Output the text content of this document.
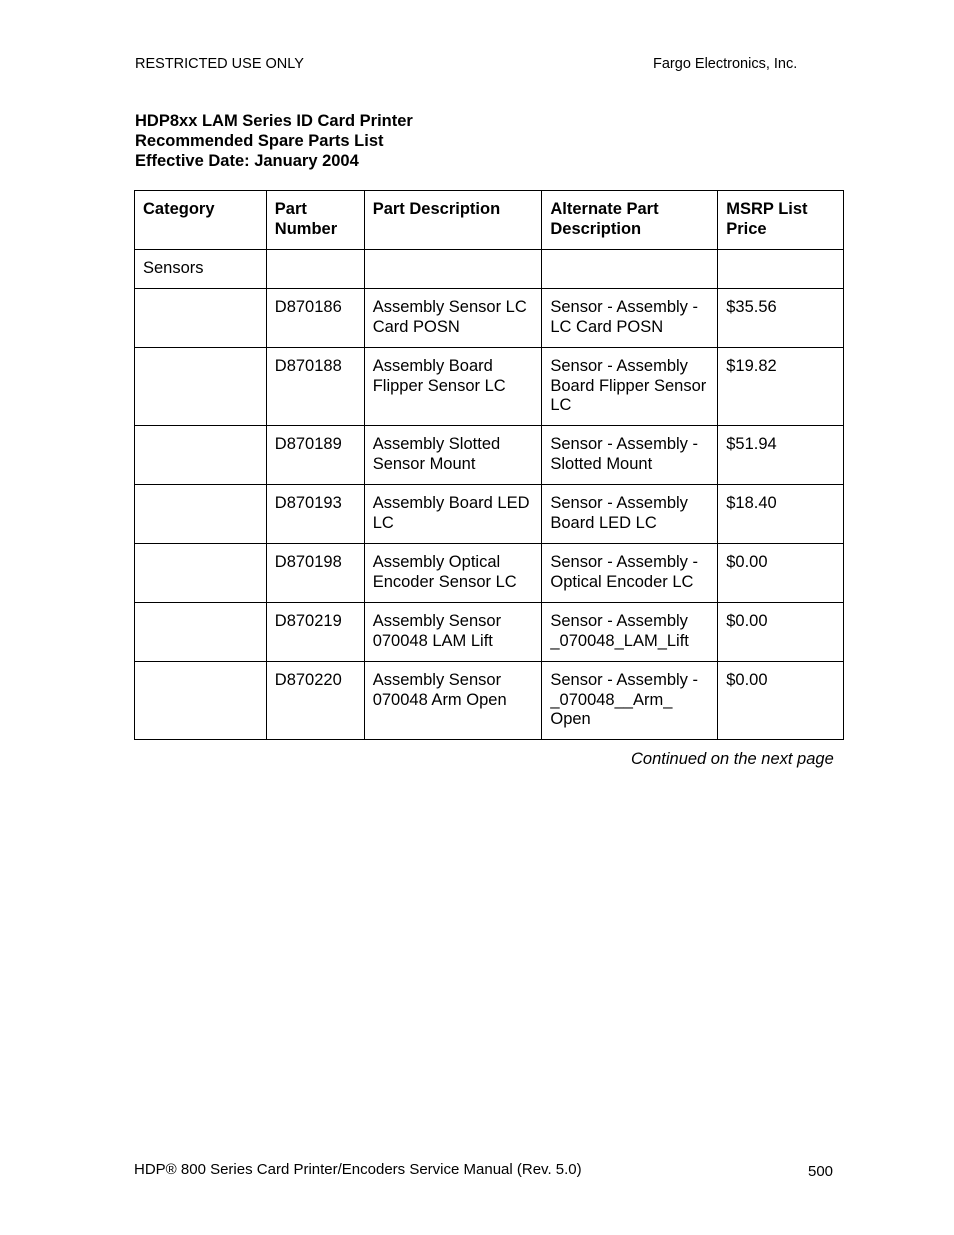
RESTRICTED USE ONLY	Fargo Electronics, Inc.
HDP8xx LAM Series ID Card Printer
Recommended Spare Parts List
Effective Date: January 2004
Category	Part Number	Part Description	Alternate Part Description	MSRP List Price
Sensors				
	D870186	Assembly Sensor LC Card POSN	Sensor - Assembly - LC Card POSN	$35.56
	D870188	Assembly Board Flipper Sensor LC	Sensor - Assembly Board Flipper Sensor LC	$19.82
	D870189	Assembly Slotted Sensor Mount	Sensor - Assembly - Slotted Mount	$51.94
	D870193	Assembly Board LED LC	Sensor - Assembly Board LED LC	$18.40
	D870198	Assembly Optical Encoder Sensor LC	Sensor - Assembly - Optical Encoder LC	$0.00
	D870219	Assembly Sensor 070048 LAM Lift	Sensor - Assembly _070048_LAM_Lift	$0.00
	D870220	Assembly Sensor 070048 Arm Open	Sensor - Assembly - _070048__Arm_ Open	$0.00
Continued on the next page
HDP® 800 Series Card Printer/Encoders Service Manual (Rev. 5.0)	500
